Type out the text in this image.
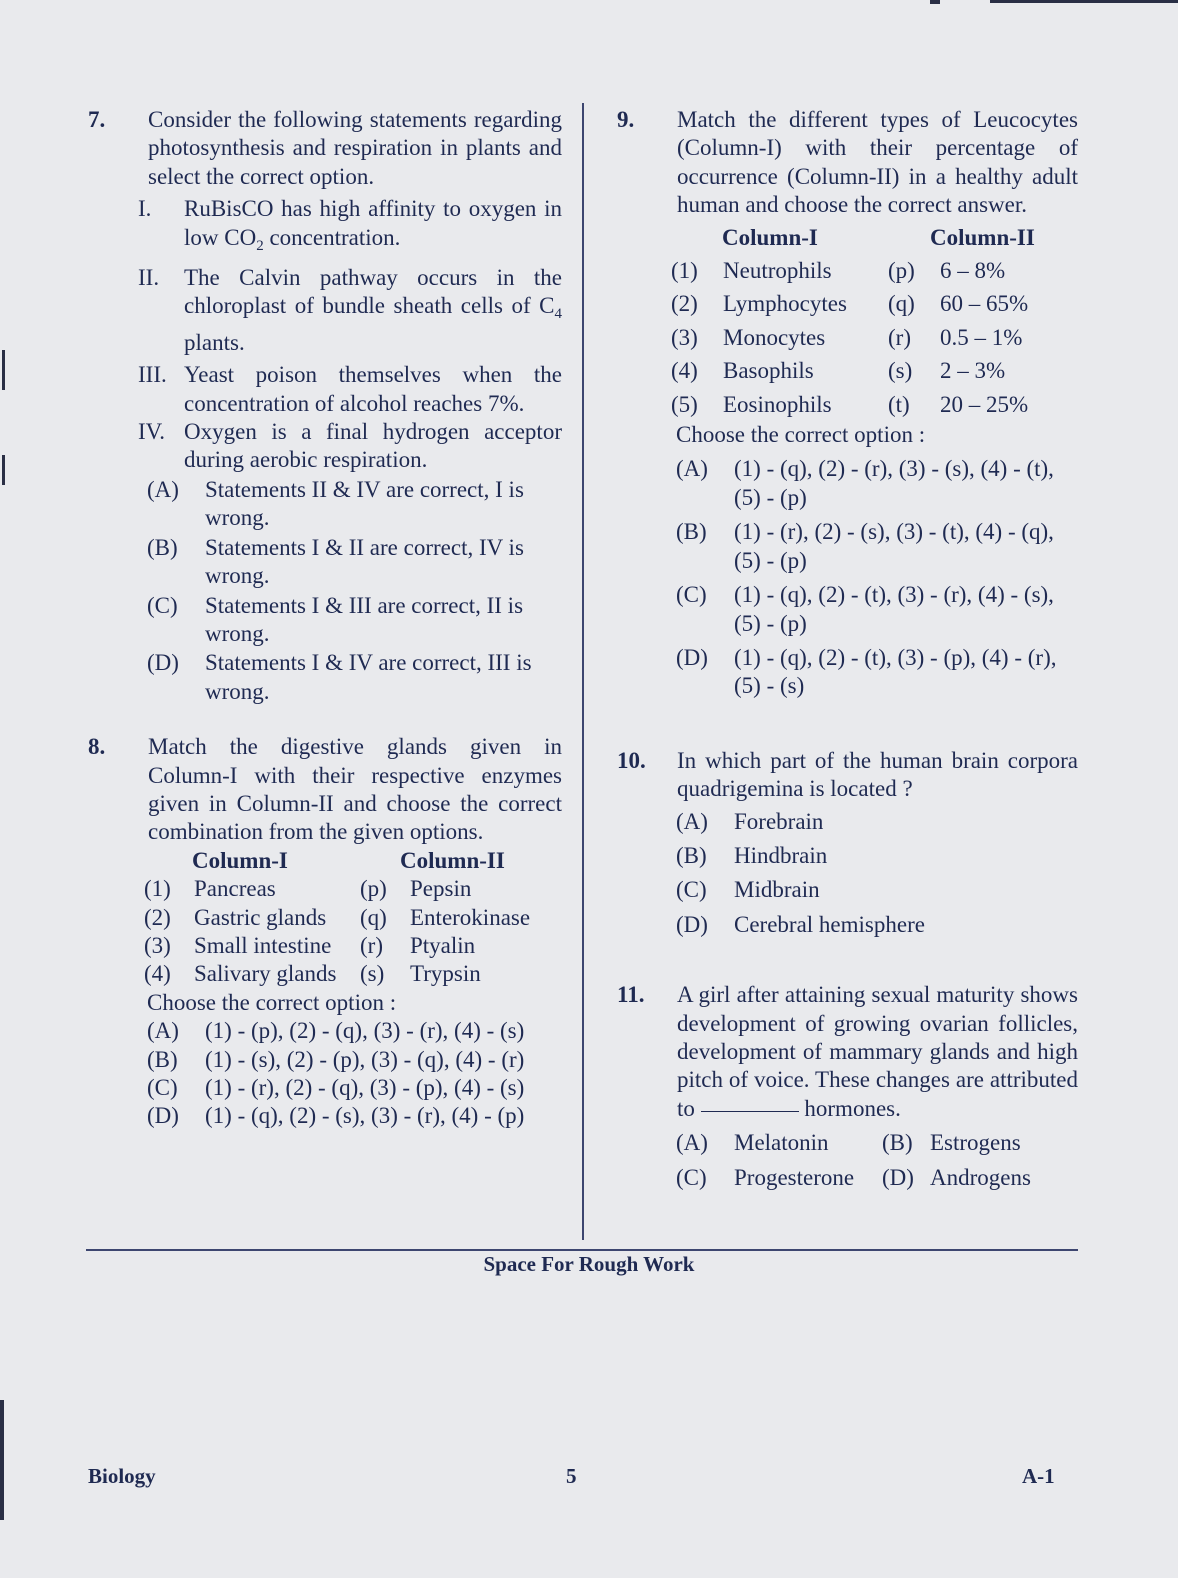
7.	Consider the following statements regarding photosynthesis and respiration in plants and select the correct option.
I.	RuBisCO has high affinity to oxygen in low $CO_2$ concentration.
II.	The Calvin pathway occurs in the chloroplast of bundle sheath cells of $C_4$ plants.
III. Yeast poison themselves when the concentration of alcohol reaches 7%.
IV. Oxygen is a final hydrogen acceptor during aerobic respiration.
(A)	Statements II & IV are correct, I is wrong.
(B)	Statements I & II are correct, IV is wrong.
(C)	Statements I & III are correct, II is wrong.
(D)	Statements I & IV are correct, III is wrong.
8.	Match the digestive glands given in Column-I with their respective enzymes given in Column-II and choose the correct combination from the given options.
Column-I	Column-II
(1)	Pancreas	(p)	Pepsin
(2)	Gastric glands	(q)	Enterokinase
(3)	Small intestine	(r)	Ptyalin
(4)	Salivary glands	(s)	Trypsin
Choose the correct option :
(A)	(1) - (p), (2) - (q), (3) - (r), (4) - (s)
(B)	(1) - (s), (2) - (p), (3) - (q), (4) - (r)
(C)	(1) - (r), (2) - (q), (3) - (p), (4) - (s)
(D)	(1) - (q), (2) - (s), (3) - (r), (4) - (p)
9.	Match the different types of Leucocytes (Column-I) with their percentage of occurrence (Column-II) in a healthy adult human and choose the correct answer.
Column-I	Column-II
(1)	Neutrophils	(p)	6 – 8%
(2)	Lymphocytes	(q)	60 – 65%
(3)	Monocytes	(r)	0.5 – 1%
(4)	Basophils	(s)	2 – 3%
(5)	Eosinophils	(t)	20 – 25%
Choose the correct option :
(A)	(1) - (q), (2) - (r), (3) - (s), (4) - (t),
(5) - (p)
(B)	(1) - (r), (2) - (s), (3) - (t), (4) - (q),
(5) - (p)
(C)	(1) - (q), (2) - (t), (3) - (r), (4) - (s),
(5) - (p)
(D)	(1) - (q), (2) - (t), (3) - (p), (4) - (r),
(5) - (s)
10.	In which part of the human brain corpora quadrigemina is located ?
(A)	Forebrain
(B)	Hindbrain
(C)	Midbrain
(D)	Cerebral hemisphere
11.	A girl after attaining sexual maturity shows development of growing ovarian follicles, development of mammary glands and high pitch of voice. These changes are attributed to	hormones.
(A)	Melatonin	(B) Estrogens
(C)	Progesterone	(D) Androgens
Space For Rough Work
Biology	5	A-1
